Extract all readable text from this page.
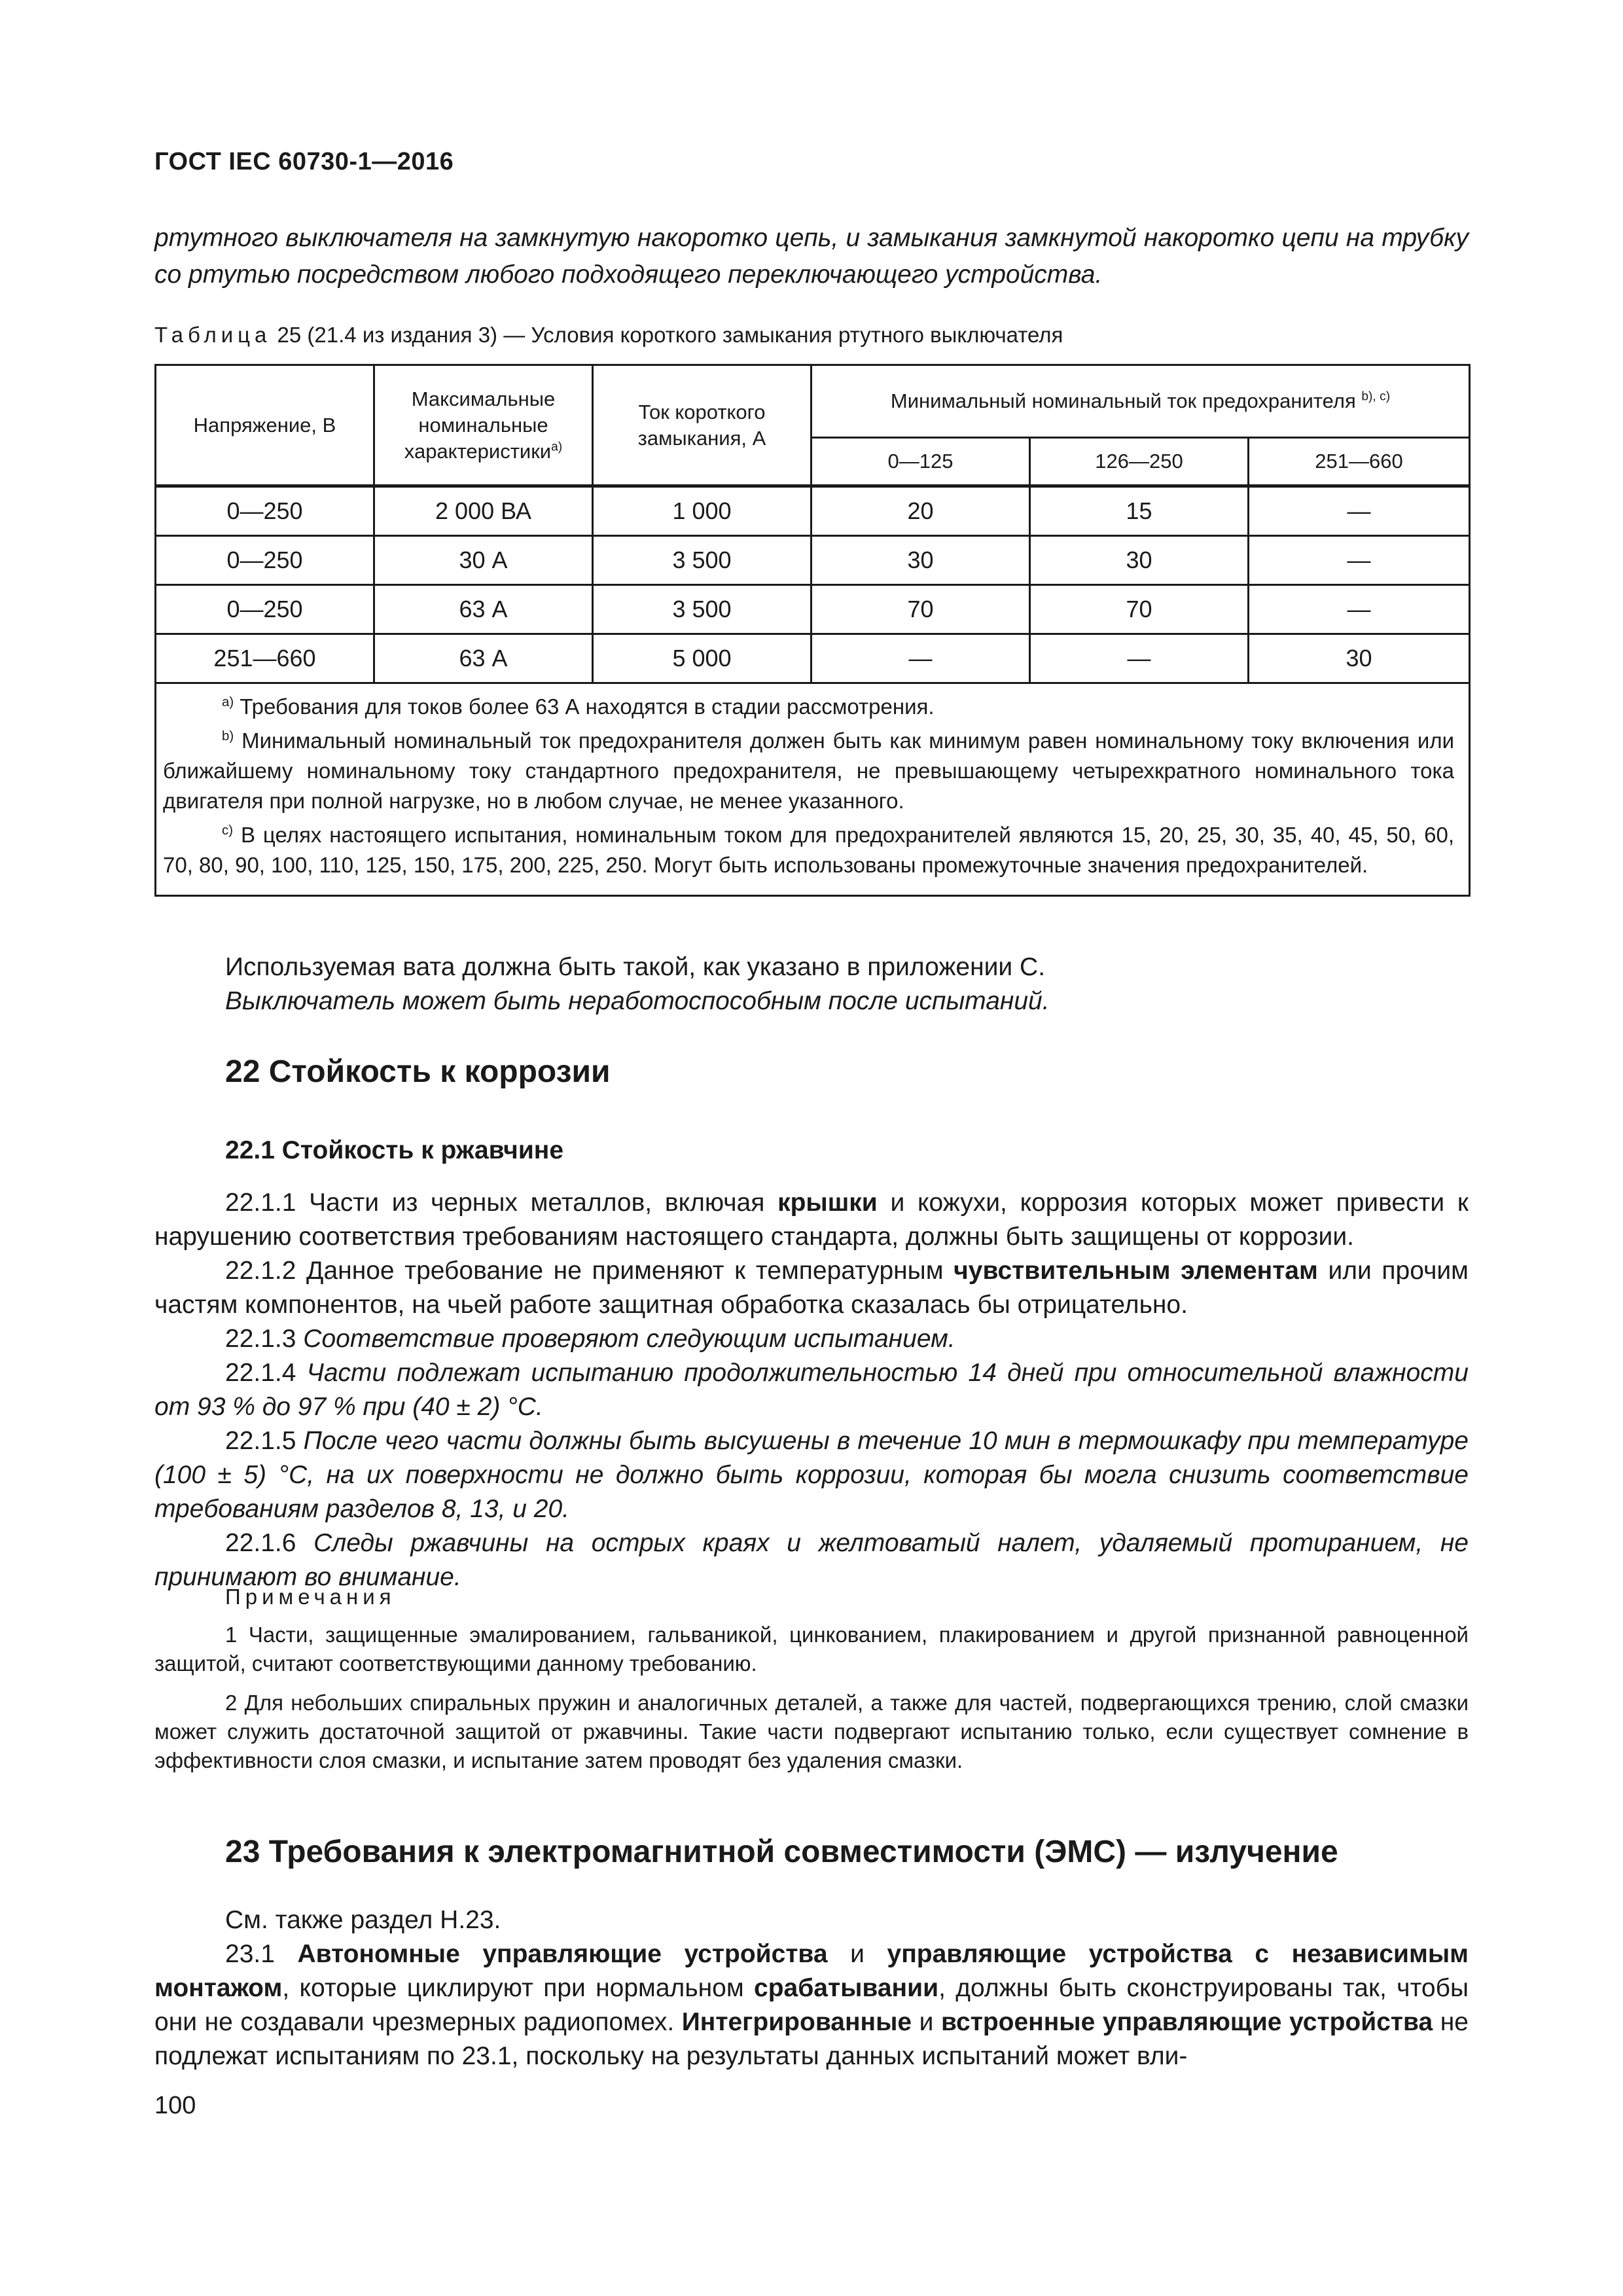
ГОСТ IEC 60730-1—2016
ртутного выключателя на замкнутую накоротко цепь, и замыкания замкнутой накоротко цепи на трубку со ртутью посредством любого подходящего переключающего устройства.
Таблица 25 (21.4 из издания 3) — Условия короткого замыкания ртутного выключателя
Напряжение, В	Максимальные номинальные характеристики$^{a)}$	Ток короткого замыкания, А	Минимальный номинальный ток предохранителя $^{b), c)}$
			0—125	126—250	251—660
0—250	2 000 ВА	1 000	20	15	—
0—250	30 А	3 500	30	30	—
0—250	63 А	3 500	70	70	—
251—660	63 А	5 000	—	—	30

$^{a)}$ Требования для токов более 63 А находятся в стадии рассмотрения.

$^{b)}$ Минимальный номинальный ток предохранителя должен быть как минимум равен номинальному току включения или ближайшему номинальному току стандартного предохранителя, не превышающему четырехкратного номинального тока двигателя при полной нагрузке, но в любом случае, не менее указанного.

$^{c)}$ В целях настоящего испытания, номинальным током для предохранителей являются 15, 20, 25, 30, 35, 40, 45, 50, 60, 70, 80, 90, 100, 110, 125, 150, 175, 200, 225, 250. Могут быть использованы промежуточные значения предохранителей.					

Используемая вата должна быть такой, как указано в приложении С.

Выключатель может быть неработоспособным после испытаний.

22 Стойкость к коррозии
22.1 Стойкость к ржавчине

22.1.1 Части из черных металлов, включая крышки и кожухи, коррозия которых может привести к нарушению соответствия требованиям настоящего стандарта, должны быть защищены от коррозии.

22.1.2 Данное требование не применяют к температурным чувствительным элементам или прочим частям компонентов, на чьей работе защитная обработка сказалась бы отрицательно.

22.1.3 Соответствие проверяют следующим испытанием.

22.1.4 Части подлежат испытанию продолжительностью 14 дней при относительной влажности от 93 % до 97 % при (40 ± 2) °С.

22.1.5 После чего части должны быть высушены в течение 10 мин в термошкафу при температуре (100 ± 5) °С, на их поверхности не должно быть коррозии, которая бы могла снизить соответствие требованиям разделов 8, 13, и 20.

22.1.6 Следы ржавчины на острых краях и желтоватый налет, удаляемый протиранием, не принимают во внимание.

Примечания

1 Части, защищенные эмалированием, гальваникой, цинкованием, плакированием и другой признанной равноценной защитой, считают соответствующими данному требованию.

2 Для небольших спиральных пружин и аналогичных деталей, а также для частей, подвергающихся трению, слой смазки может служить достаточной защитой от ржавчины. Такие части подвергают испытанию только, если существует сомнение в эффективности слоя смазки, и испытание затем проводят без удаления смазки.

23 Требования к электромагнитной совместимости (ЭМС) — излучение

См. также раздел Н.23.

23.1 Автономные управляющие устройства и управляющие устройства с независимым монтажом, которые циклируют при нормальном срабатывании, должны быть сконструированы так, чтобы они не создавали чрезмерных радиопомех. Интегрированные и встроенные управляющие устройства не подлежат испытаниям по 23.1, поскольку на результаты данных испытаний может вли-

100
